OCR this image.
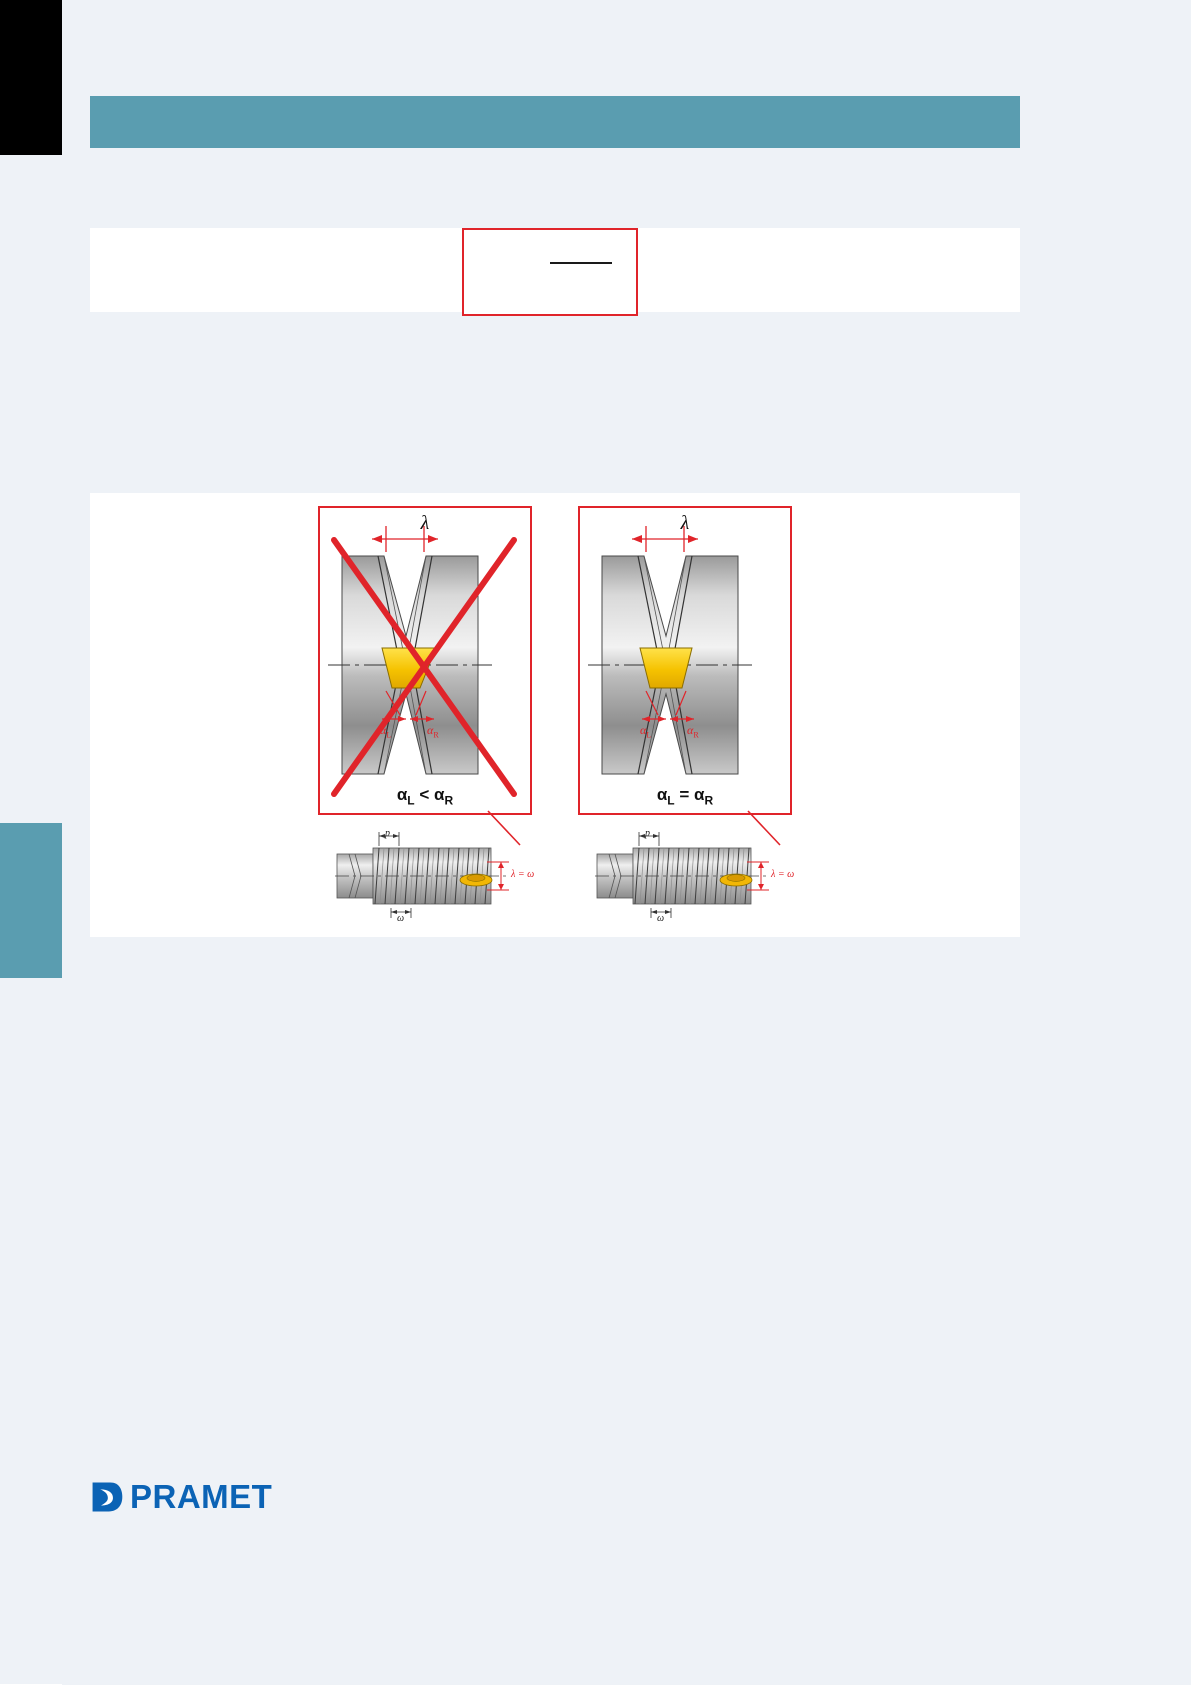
λ
$\alpha_L$	$\alpha_R$
$\alpha_L < \alpha_R$
λ
$\alpha_L$	$\alpha_R$
$\alpha_L = \alpha_R$
p
ω
λ = ω
p
ω
λ = ω
PRAMET
